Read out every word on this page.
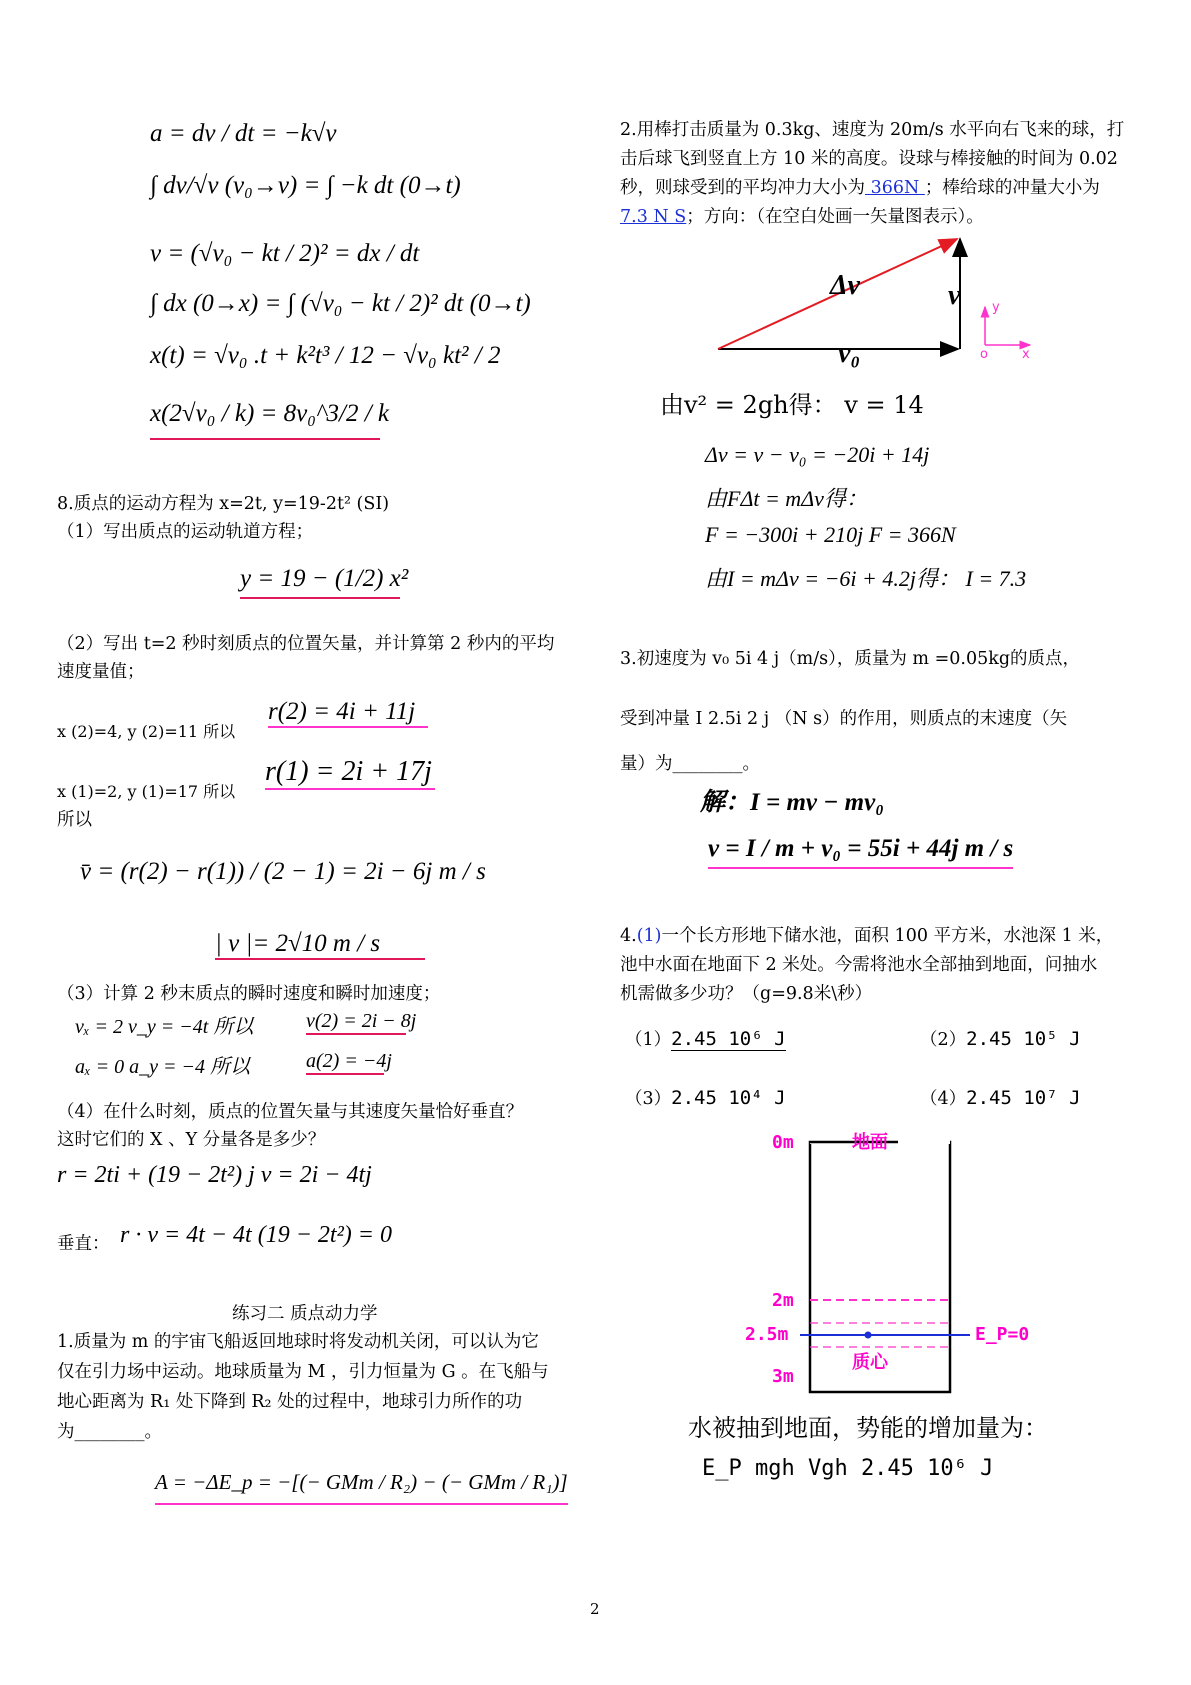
a = dv / dt = −k√v
∫ dv/√v (v₀→v) = ∫ −k dt (0→t)
v = (√v₀ − kt / 2)² = dx / dt
∫ dx (0→x) = ∫ (√v₀ − kt / 2)² dt (0→t)
x(t) = √v₀ .t + k²t³ / 12 − √v₀ kt² / 2
x(2√v₀ / k) = 8v₀^3/2 / k
8.质点的运动方程为 x=2t, y=19-2t² (SI)
（1）写出质点的运动轨道方程；
y = 19 − (1/2) x²
（2）写出 t=2 秒时刻质点的位置矢量，并计算第 2 秒内的平均
速度量值；
x (2)=4, y (2)=11 所以
r(2) = 4i + 11j
x (1)=2, y (1)=17 所以
r(1) = 2i + 17j
所以
v̄ = (r(2) − r(1)) / (2 − 1) = 2i − 6j m / s
| v |= 2√10 m / s
（3）计算 2 秒末质点的瞬时速度和瞬时加速度；
vₓ = 2 v_y = −4t 所以	v(2) = 2i − 8j
aₓ = 0 a_y = −4 所以	a(2) = −4j
（4）在什么时刻，质点的位置矢量与其速度矢量恰好垂直？
这时它们的 X 、Y 分量各是多少？
r = 2ti + (19 − 2t²) j v = 2i − 4tj
垂直： r · v = 4t − 4t (19 − 2t²) = 0
练习二 质点动力学
1.质量为 m 的宇宙飞船返回地球时将发动机关闭，可以认为它
仅在引力场中运动。地球质量为 M ，引力恒量为 G 。在飞船与
地心距离为 R₁ 处下降到 R₂ 处的过程中，地球引力所作的功
为________。
A = −ΔE_p = −[(− GMm / R₂) − (− GMm / R₁)]
2.用棒打击质量为 0.3kg、速度为 20m/s 水平向右飞来的球，打
击后球飞到竖直上方 10 米的高度。设球与棒接触的时间为 0.02
秒，则球受到的平均冲力大小为 366N ；棒给球的冲量大小为
7.3 N S；方向：（在空白处画一矢量图表示）。
Δv	v
v₀
y
x
o
由v² = 2gh得： v = 14
Δv = v − v₀ = −20i + 14j
由FΔt = mΔv得：
F = −300i + 210j F = 366N
由I = mΔv = −6i + 4.2j得： I = 7.3
3.初速度为 v₀ 5i 4 j（m/s），质量为 m =0.05kg的质点，
受到冲量 I 2.5i 2 j （N s）的作用，则质点的末速度（矢
量）为________。
解：I = mv − mv₀
v = I / m + v₀ = 55i + 44j m / s
4.(1)一个长方形地下储水池，面积 100 平方米，水池深 1 米，
池中水面在地面下 2 米处。今需将池水全部抽到地面，问抽水
机需做多少功？（g=9.8米\秒）
（1）2.45 10⁶ J	（2）2.45 10⁵ J
（3）2.45 10⁴ J	（4）2.45 10⁷ J
0m	地面
2m
2.5m
3m
质心
E_P=0
水被抽到地面，势能的增加量为：
E_P mgh Vgh 2.45 10⁶ J
2
